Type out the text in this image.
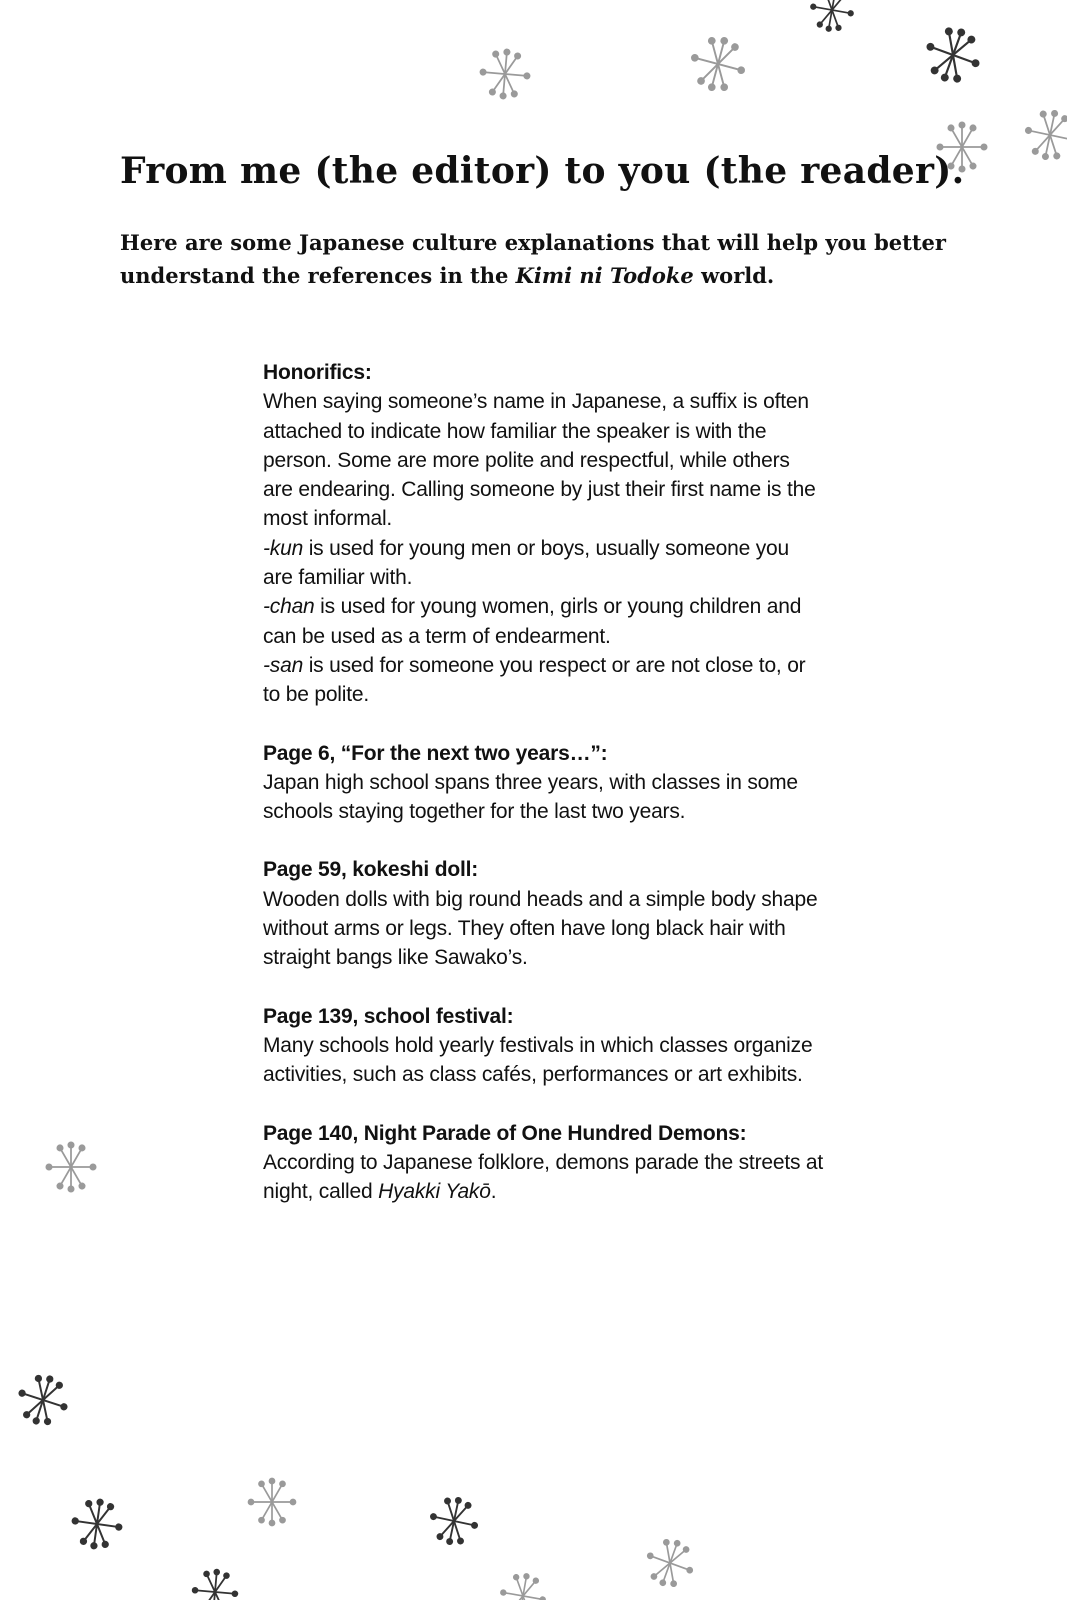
From me (the editor) to you (the reader).

Here are some Japanese culture explanations that will help you better understand the references in the Kimi ni Todoke world.

Honorifics:

When saying someone’s name in Japanese, a suffix is often attached to indicate how familiar the speaker is with the person. Some are more polite and respectful, while others are endearing. Calling someone by just their first name is the most informal.

-kun is used for young men or boys, usually someone you are familiar with.

-chan is used for young women, girls or young children and can be used as a term of endearment.

-san is used for someone you respect or are not close to, or to be polite.

Page 6, “For the next two years…”:

Japan high school spans three years, with classes in some schools staying together for the last two years.

Page 59, kokeshi doll:

Wooden dolls with big round heads and a simple body shape without arms or legs. They often have long black hair with straight bangs like Sawako’s.

Page 139, school festival:

Many schools hold yearly festivals in which classes organize activities, such as class cafés, performances or art exhibits.

Page 140, Night Parade of One Hundred Demons:

According to Japanese folklore, demons parade the streets at night, called Hyakki Yakō.
